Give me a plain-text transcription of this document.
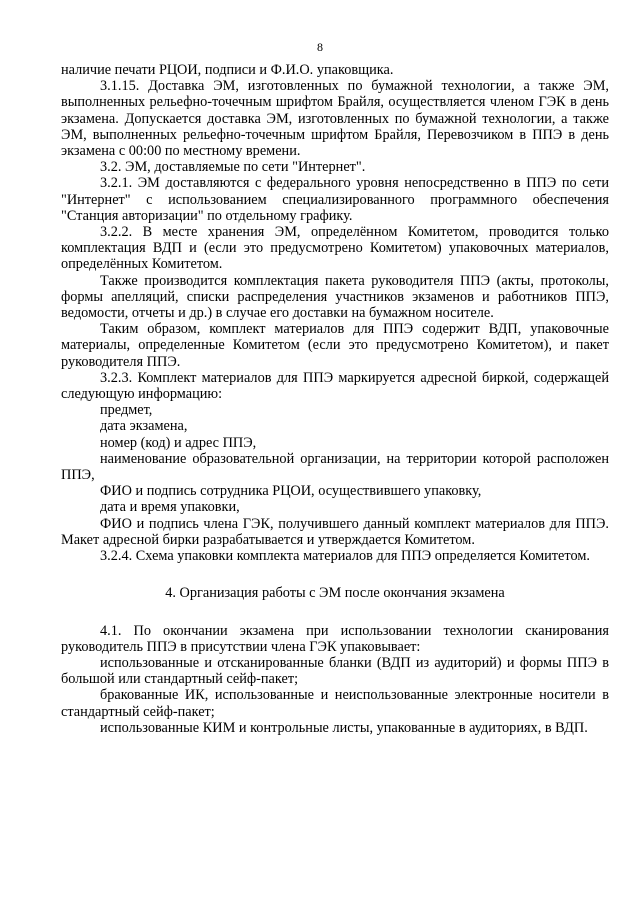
8

наличие печати РЦОИ, подписи и Ф.И.О. упаковщика.

3.1.15. Доставка ЭМ, изготовленных по бумажной технологии, а также ЭМ, выполненных рельефно-точечным шрифтом Брайля, осуществляется членом ГЭК в день экзамена. Допускается доставка ЭМ, изготовленных по бумажной технологии, а также ЭМ, выполненных рельефно-точечным шрифтом Брайля, Перевозчиком в ППЭ в день экзамена с 00:00 по местному времени.

3.2. ЭМ, доставляемые по сети "Интернет".

3.2.1. ЭМ доставляются с федерального уровня непосредственно в ППЭ по сети "Интернет" с использованием специализированного программного обеспечения "Станция авторизации" по отдельному графику.

3.2.2. В месте хранения ЭМ, определённом Комитетом, проводится только комплектация ВДП и (если это предусмотрено Комитетом) упаковочных материалов, определённых Комитетом.

Также производится комплектация пакета руководителя ППЭ (акты, протоколы, формы апелляций, списки распределения участников экзаменов и работников ППЭ, ведомости, отчеты и др.) в случае его доставки на бумажном носителе.

Таким образом, комплект материалов для ППЭ содержит ВДП, упаковочные материалы, определенные Комитетом (если это предусмотрено Комитетом), и пакет руководителя ППЭ.

3.2.3. Комплект материалов для ППЭ маркируется адресной биркой, содержащей следующую информацию:

предмет,

дата экзамена,

номер (код) и адрес ППЭ,

наименование образовательной организации, на территории которой расположен ППЭ,

ФИО и подпись сотрудника РЦОИ, осуществившего упаковку,

дата и время упаковки,

ФИО и подпись члена ГЭК, получившего данный комплект материалов для ППЭ. Макет адресной бирки разрабатывается и утверждается Комитетом.

3.2.4. Схема упаковки комплекта материалов для ППЭ определяется Комитетом.

4. Организация работы с ЭМ после окончания экзамена

4.1. По окончании экзамена при использовании технологии сканирования руководитель ППЭ в присутствии члена ГЭК упаковывает:

использованные и отсканированные бланки (ВДП из аудиторий) и формы ППЭ в большой или стандартный сейф-пакет;

бракованные ИК, использованные и неиспользованные электронные носители в стандартный сейф-пакет;

использованные КИМ и контрольные листы, упакованные в аудиториях, в ВДП.
